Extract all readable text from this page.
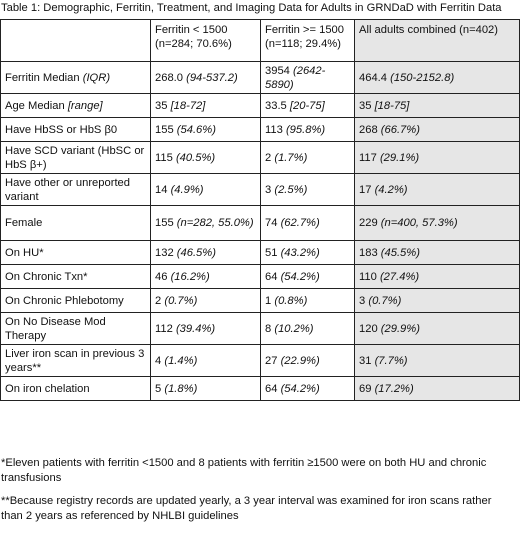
Table 1: Demographic, Ferritin, Treatment, and Imaging Data for Adults in GRNDaD with Ferritin Data
	Ferritin < 1500 (n=284; 70.6%)	Ferritin >= 1500 (n=118; 29.4%)	All adults combined (n=402)
Ferritin Median (IQR)	268.0 (94-537.2)	3954 (2642-5890)	464.4 (150-2152.8)
Age Median [range]	35 [18-72]	33.5 [20-75]	35 [18-75]
Have HbSS or HbS β0	155 (54.6%)	113 (95.8%)	268 (66.7%)
Have SCD variant (HbSC or HbS β+)	115 (40.5%)	2 (1.7%)	117 (29.1%)
Have other or unreported variant	14 (4.9%)	3 (2.5%)	17 (4.2%)
Female	155 (n=282, 55.0%)	74 (62.7%)	229 (n=400, 57.3%)
On HU*	132 (46.5%)	51 (43.2%)	183 (45.5%)
On Chronic Txn*	46 (16.2%)	64 (54.2%)	110 (27.4%)
On Chronic Phlebotomy	2 (0.7%)	1 (0.8%)	3 (0.7%)
On No Disease Mod Therapy	112 (39.4%)	8 (10.2%)	120 (29.9%)
Liver iron scan in previous 3 years**	4 (1.4%)	27 (22.9%)	31 (7.7%)
On iron chelation	5 (1.8%)	64 (54.2%)	69 (17.2%)
*Eleven patients with ferritin <1500 and 8 patients with ferritin ≥1500 were on both HU and chronic transfusions
**Because registry records are updated yearly, a 3 year interval was examined for iron scans rather than 2 years as referenced by NHLBI guidelines
